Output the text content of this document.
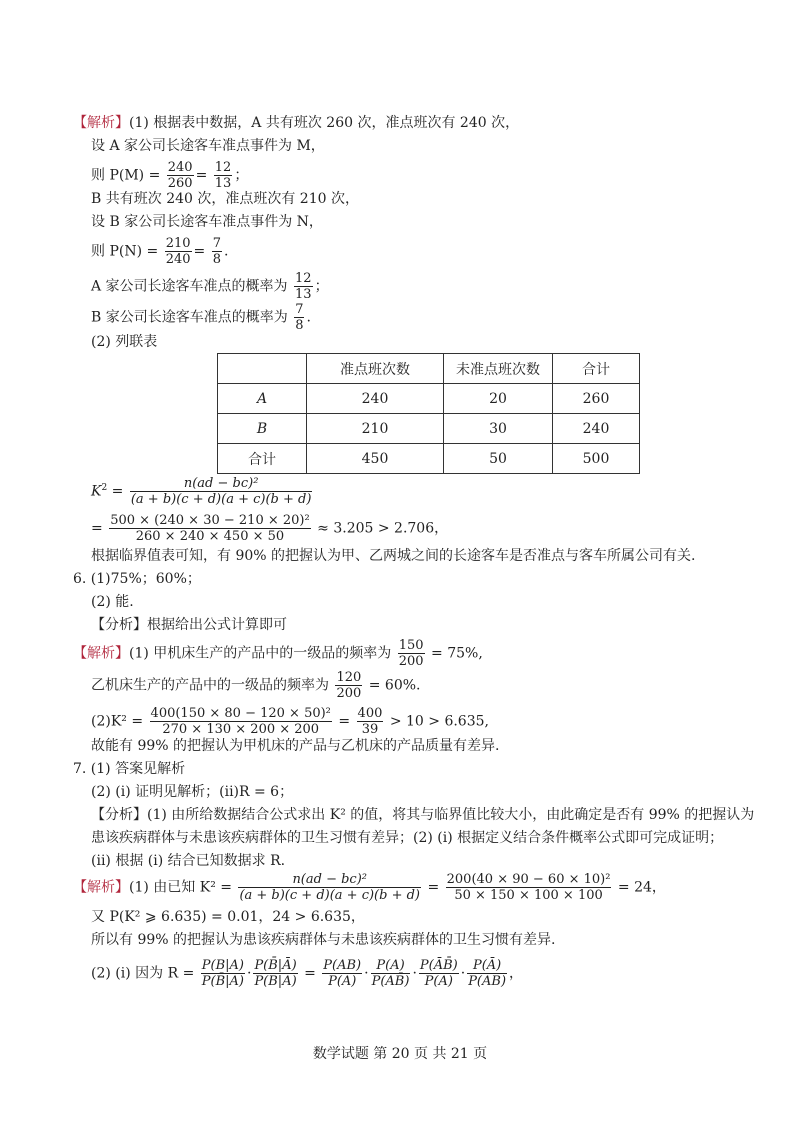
【解析】(1) 根据表中数据，A 共有班次 260 次，准点班次有 240 次，
设 A 家公司长途客车准点事件为 M，
则 $P(M) = \frac{240}{260} = \frac{12}{13}$ ；
B 共有班次 240 次，准点班次有 210 次，
设 B 家公司长途客车准点事件为 N，
则 $P(N) = \frac{210}{240} = \frac{7}{8}$ .
A 家公司长途客车准点的概率为 $\frac{12}{13}$ ；
B 家公司长途客车准点的概率为 $\frac{7}{8}$ .
(2) 列联表
	准点班次数	未准点班次数	合计
A	240	20	260
B	210	30	240
合计	450	50	500
$K^2 = \frac{\text{n(ad − bc)²}}{(a + b)(c + d)(a + c)(b + d)}$
= $\frac{\text{500 × (240 × 30 − 210 × 20)²}}{260 \times 240 \times 450 \times 50} \approx 3.205 > 2.706$，
根据临界值表可知，有 90% 的把握认为甲、乙两城之间的长途客车是否准点与客车所属公司有关.
6. (1)75%；60%；
(2) 能.
【分析】根据给出公式计算即可
【解析】(1) 甲机床生产的产品中的一级品的频率为 $\frac{150}{200} = 75\%$,
乙机床生产的产品中的一级品的频率为 $\frac{120}{200} = 60\%$.
$(2)K^2 = \frac{\text{400(150 × 80 − 120 × 50)²}}{270 \times 130 \times 200 \times 200} = \frac{400}{39} > 10 > 6.635$,
故能有 99% 的把握认为甲机床的产品与乙机床的产品质量有差异.
7. (1) 答案见解析
(2) (i) 证明见解析；(ii)R = 6；
【分析】(1) 由所给数据结合公式求出 K² 的值，将其与临界值比较大小，由此确定是否有 99% 的把握认为
患该疾病群体与未患该疾病群体的卫生习惯有差异；(2) (i) 根据定义结合条件概率公式即可完成证明；
(ii) 根据 (i) 结合已知数据求 R.
【解析】(1) 由已知 $K^2 = \frac{\text{n(ad − bc)²}}{(a + b)(c + d)(a + c)(b + d)} = \frac{\text{200(40 × 90 − 60 × 10)²}}{50 \times 150 \times 100 \times 100} = 24$，
又 P(K² ⩾ 6.635) = 0.01，24 > 6.635，
所以有 99% 的把握认为患该疾病群体与未患该疾病群体的卫生习惯有差异.
(2) (i) 因为 $R = \frac{P(B|A)}{P(B̄|A)} \cdot \frac{P(B̄|Ā)}{P(B|Ā)} = \frac{P(AB)}{P(A)} \cdot \frac{P(A)}{P(AB̄)} \cdot \frac{P(ĀB̄)}{P(Ā)} \cdot \frac{P(Ā)}{P(ĀB)}$ ，
数学试题 第 20 页 共 21 页
